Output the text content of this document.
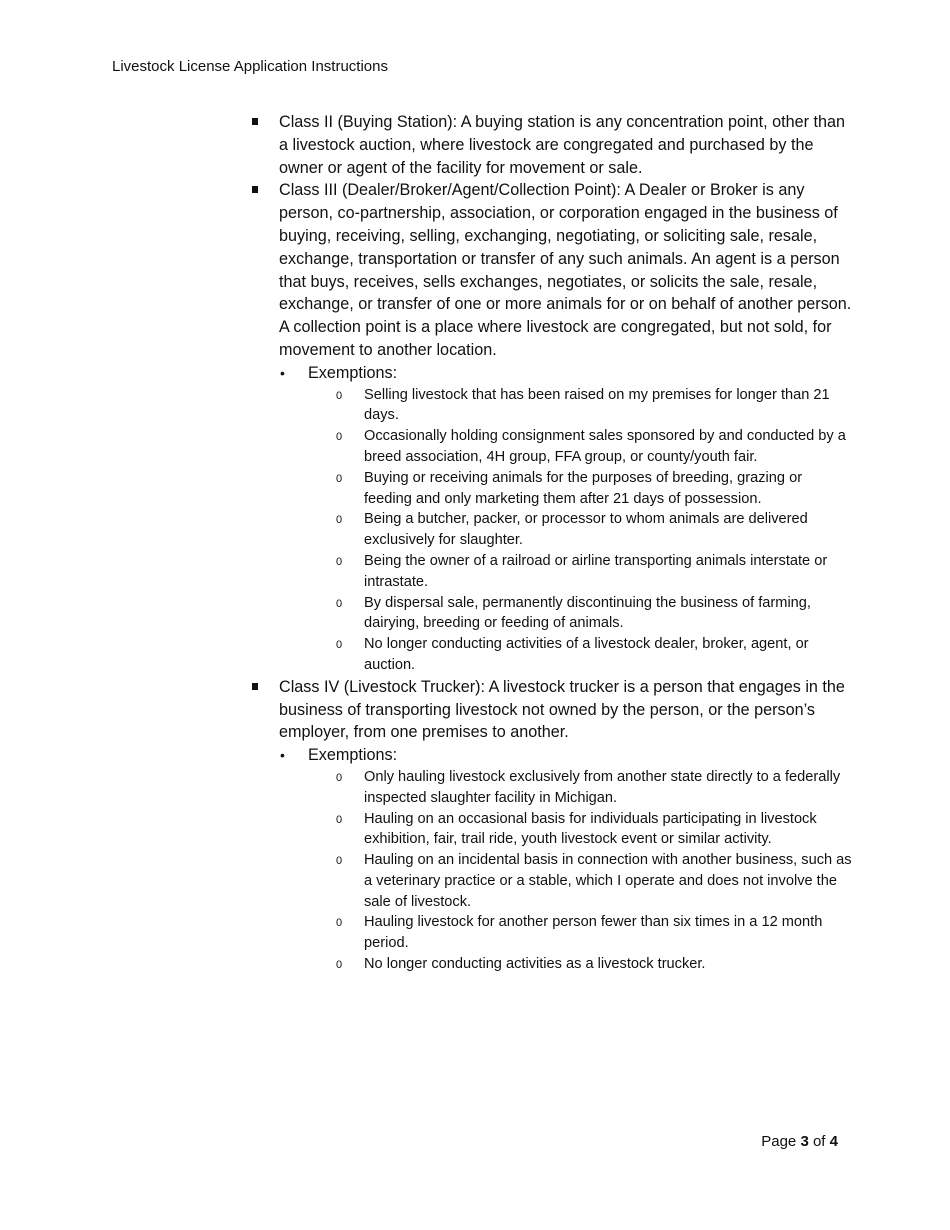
Livestock License Application Instructions
Class II (Buying Station): A buying station is any concentration point, other than a livestock auction, where livestock are congregated and purchased by the owner or agent of the facility for movement or sale.
Class III (Dealer/Broker/Agent/Collection Point): A Dealer or Broker is any person, co-partnership, association, or corporation engaged in the business of buying, receiving, selling, exchanging, negotiating, or soliciting sale, resale, exchange, transportation or transfer of any such animals. An agent is a person that buys, receives, sells exchanges, negotiates, or solicits the sale, resale, exchange, or transfer of one or more animals for or on behalf of another person. A collection point is a place where livestock are congregated, but not sold, for movement to another location.
• Exemptions:
0 Selling livestock that has been raised on my premises for longer than 21 days.
0 Occasionally holding consignment sales sponsored by and conducted by a breed association, 4H group, FFA group, or county/youth fair.
0 Buying or receiving animals for the purposes of breeding, grazing or feeding and only marketing them after 21 days of possession.
0 Being a butcher, packer, or processor to whom animals are delivered exclusively for slaughter.
0 Being the owner of a railroad or airline transporting animals interstate or intrastate.
0 By dispersal sale, permanently discontinuing the business of farming, dairying, breeding or feeding of animals.
0 No longer conducting activities of a livestock dealer, broker, agent, or auction.
Class IV (Livestock Trucker): A livestock trucker is a person that engages in the business of transporting livestock not owned by the person, or the person’s employer, from one premises to another.
• Exemptions:
0 Only hauling livestock exclusively from another state directly to a federally inspected slaughter facility in Michigan.
0 Hauling on an occasional basis for individuals participating in livestock exhibition, fair, trail ride, youth livestock event or similar activity.
0 Hauling on an incidental basis in connection with another business, such as a veterinary practice or a stable, which I operate and does not involve the sale of livestock.
0 Hauling livestock for another person fewer than six times in a 12 month period.
0 No longer conducting activities as a livestock trucker.
Page 3 of 4
